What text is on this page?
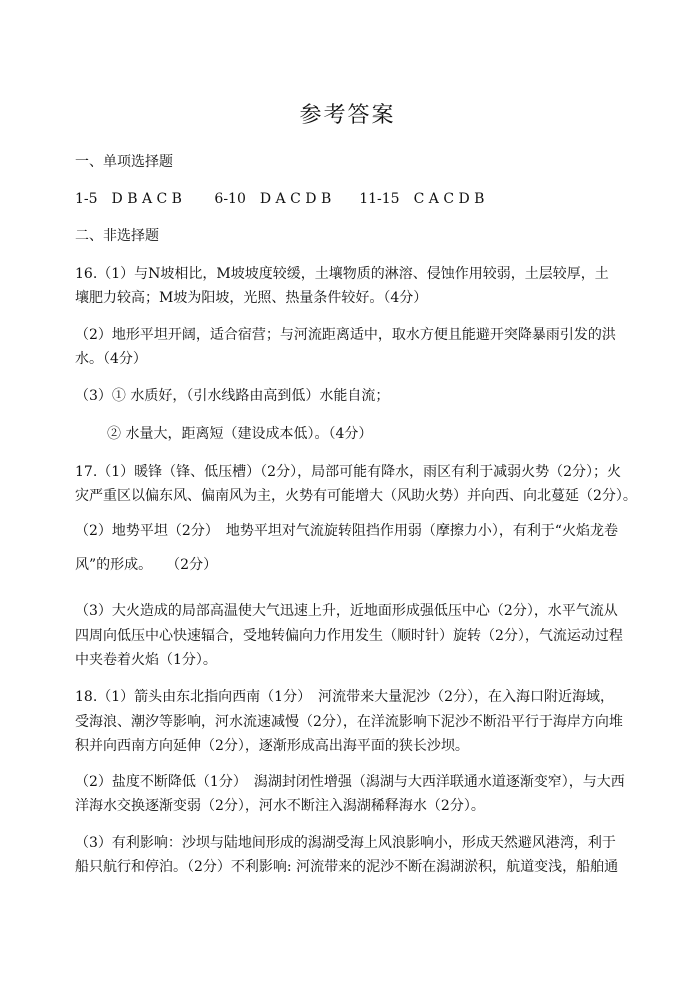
参考答案
一、单项选择题
1-5　D B A C B　　 6-10　D A C D B　　11-15　C A C D B
二、非选择题
16.（1）与N坡相比，M坡坡度较缓，土壤物质的淋溶、侵蚀作用较弱，土层较厚，土
壤肥力较高；M坡为阳坡，光照、热量条件较好。（4分）
（2）地形平坦开阔，适合宿营；与河流距离适中，取水方便且能避开突降暴雨引发的洪
水。（4分）
（3）① 水质好，（引水线路由高到低）水能自流；
② 水量大，距离短（建设成本低）。（4分）
17.（1）暖锋（锋、低压槽）（2分），局部可能有降水，雨区有利于减弱火势（2分）；火
灾严重区以偏东风、偏南风为主，火势有可能增大（风助火势）并向西、向北蔓延（2分）。
（2）地势平坦（2分）　地势平坦对气流旋转阻挡作用弱（摩擦力小），有利于“火焰龙卷
风”的形成。　　（2分）
（3）大火造成的局部高温使大气迅速上升，近地面形成强低压中心（2分），水平气流从
四周向低压中心快速辐合，受地转偏向力作用发生（顺时针）旋转（2分），气流运动过程
中夹卷着火焰（1分）。
18.（1）箭头由东北指向西南（1分）　河流带来大量泥沙（2分），在入海口附近海域，
受海浪、潮汐等影响，河水流速减慢（2分），在洋流影响下泥沙不断沿平行于海岸方向堆
积并向西南方向延伸（2分），逐渐形成高出海平面的狭长沙坝。
（2）盐度不断降低（1分）　潟湖封闭性增强（潟湖与大西洋联通水道逐渐变窄），与大西
洋海水交换逐渐变弱（2分），河水不断注入潟湖稀释海水（2分）。
（3）有利影响：沙坝与陆地间形成的潟湖受海上风浪影响小，形成天然避风港湾，利于
船只航行和停泊。（2分）不利影响: 河流带来的泥沙不断在潟湖淤积，航道变浅，船舶通
